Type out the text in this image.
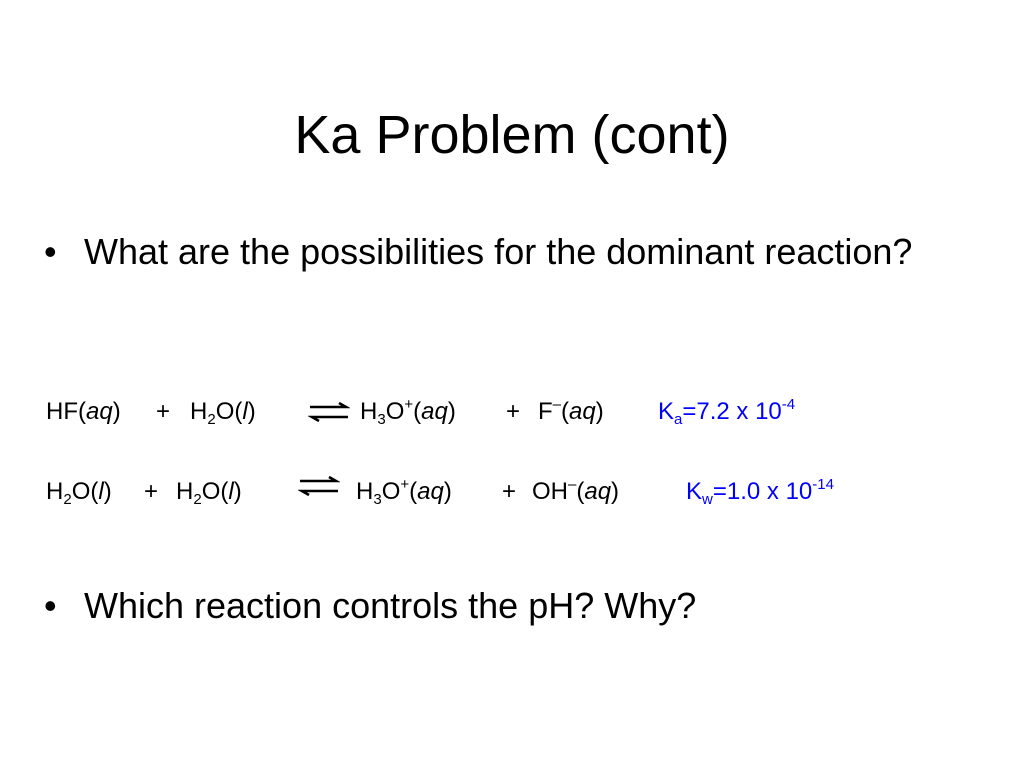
Ka Problem (cont)
• What are the possibilities for the dominant reaction?
$HF(aq) + H_2O(l)$ ⇌ $H_3O^+(aq) + F^-(aq)$ $K_a=7.2$ x $10^{-4}$
$H_2O(l) + H_2O(l)$ ⇌ $H_3O^+(aq) + OH^-(aq)$	$K_w=1.0$ x $10^{-14}$
• Which reaction controls the pH? Why?
